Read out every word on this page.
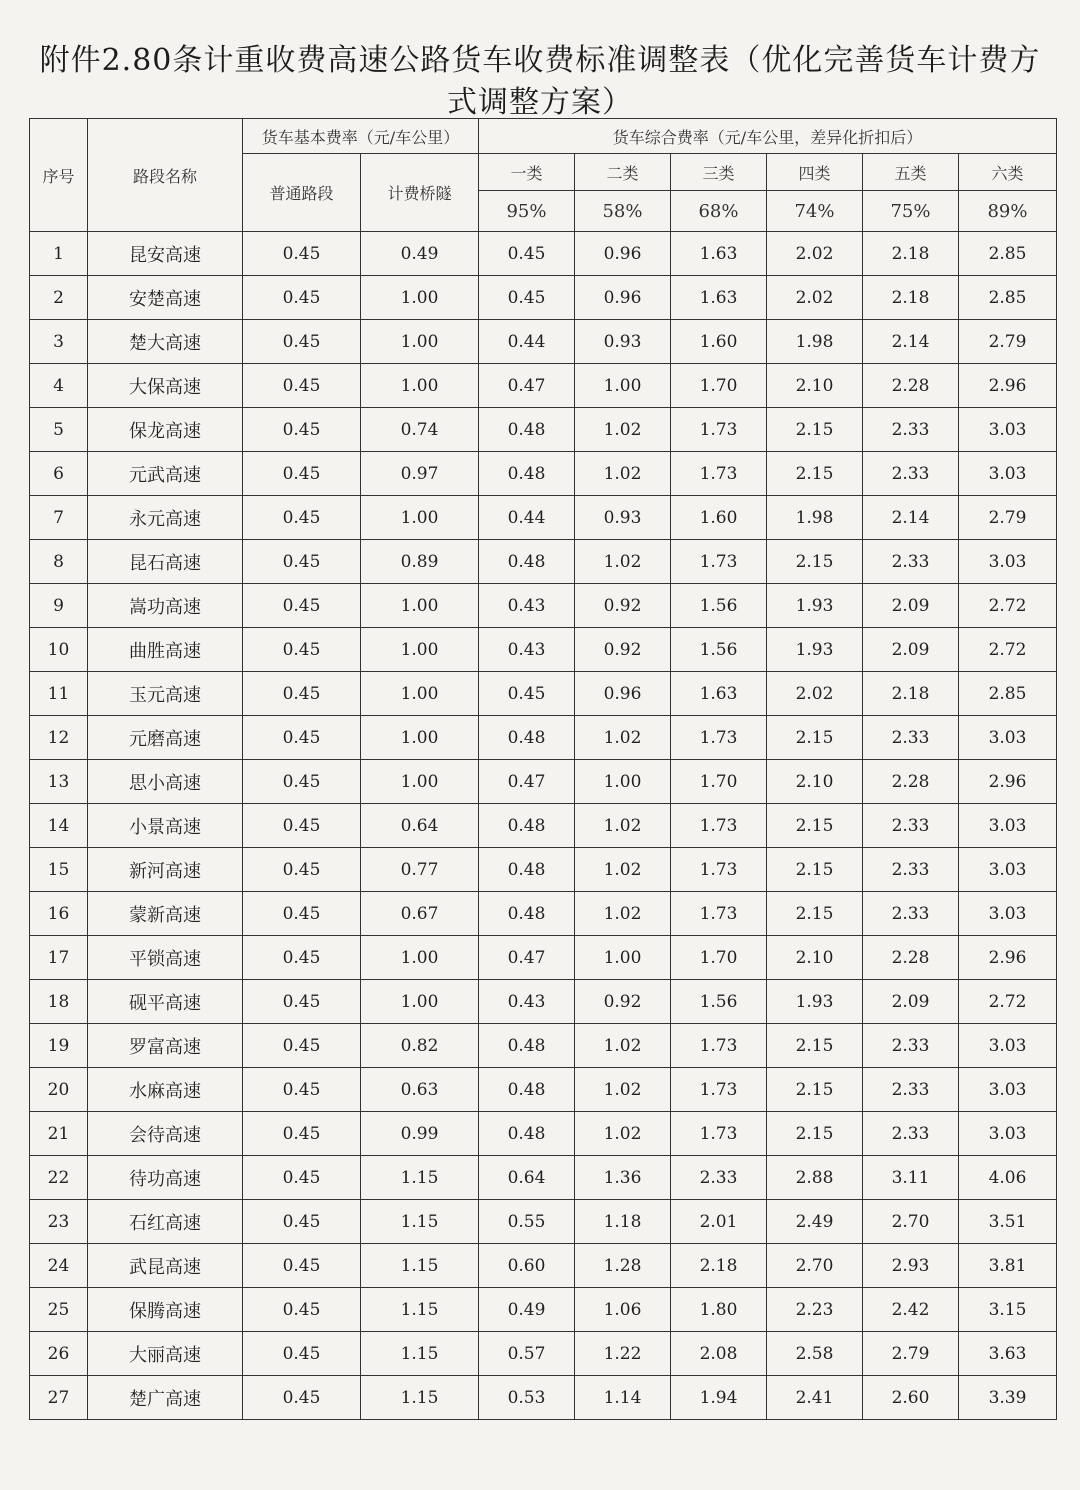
附件2.80条计重收费高速公路货车收费标准调整表（优化完善货车计费方
式调整方案）
序号	路段名称	货车基本费率（元/车公里）		货车综合费率（元/车公里，差异化折扣后）					
		普通路段	计费桥隧	一类	二类	三类	四类	五类	六类
				95%	58%	68%	74%	75%	89%
1	昆安高速	0.45	0.49	0.45	0.96	1.63	2.02	2.18	2.85
2	安楚高速	0.45	1.00	0.45	0.96	1.63	2.02	2.18	2.85
3	楚大高速	0.45	1.00	0.44	0.93	1.60	1.98	2.14	2.79
4	大保高速	0.45	1.00	0.47	1.00	1.70	2.10	2.28	2.96
5	保龙高速	0.45	0.74	0.48	1.02	1.73	2.15	2.33	3.03
6	元武高速	0.45	0.97	0.48	1.02	1.73	2.15	2.33	3.03
7	永元高速	0.45	1.00	0.44	0.93	1.60	1.98	2.14	2.79
8	昆石高速	0.45	0.89	0.48	1.02	1.73	2.15	2.33	3.03
9	嵩功高速	0.45	1.00	0.43	0.92	1.56	1.93	2.09	2.72
10	曲胜高速	0.45	1.00	0.43	0.92	1.56	1.93	2.09	2.72
11	玉元高速	0.45	1.00	0.45	0.96	1.63	2.02	2.18	2.85
12	元磨高速	0.45	1.00	0.48	1.02	1.73	2.15	2.33	3.03
13	思小高速	0.45	1.00	0.47	1.00	1.70	2.10	2.28	2.96
14	小景高速	0.45	0.64	0.48	1.02	1.73	2.15	2.33	3.03
15	新河高速	0.45	0.77	0.48	1.02	1.73	2.15	2.33	3.03
16	蒙新高速	0.45	0.67	0.48	1.02	1.73	2.15	2.33	3.03
17	平锁高速	0.45	1.00	0.47	1.00	1.70	2.10	2.28	2.96
18	砚平高速	0.45	1.00	0.43	0.92	1.56	1.93	2.09	2.72
19	罗富高速	0.45	0.82	0.48	1.02	1.73	2.15	2.33	3.03
20	水麻高速	0.45	0.63	0.48	1.02	1.73	2.15	2.33	3.03
21	会待高速	0.45	0.99	0.48	1.02	1.73	2.15	2.33	3.03
22	待功高速	0.45	1.15	0.64	1.36	2.33	2.88	3.11	4.06
23	石红高速	0.45	1.15	0.55	1.18	2.01	2.49	2.70	3.51
24	武昆高速	0.45	1.15	0.60	1.28	2.18	2.70	2.93	3.81
25	保腾高速	0.45	1.15	0.49	1.06	1.80	2.23	2.42	3.15
26	大丽高速	0.45	1.15	0.57	1.22	2.08	2.58	2.79	3.63
27	楚广高速	0.45	1.15	0.53	1.14	1.94	2.41	2.60	3.39
